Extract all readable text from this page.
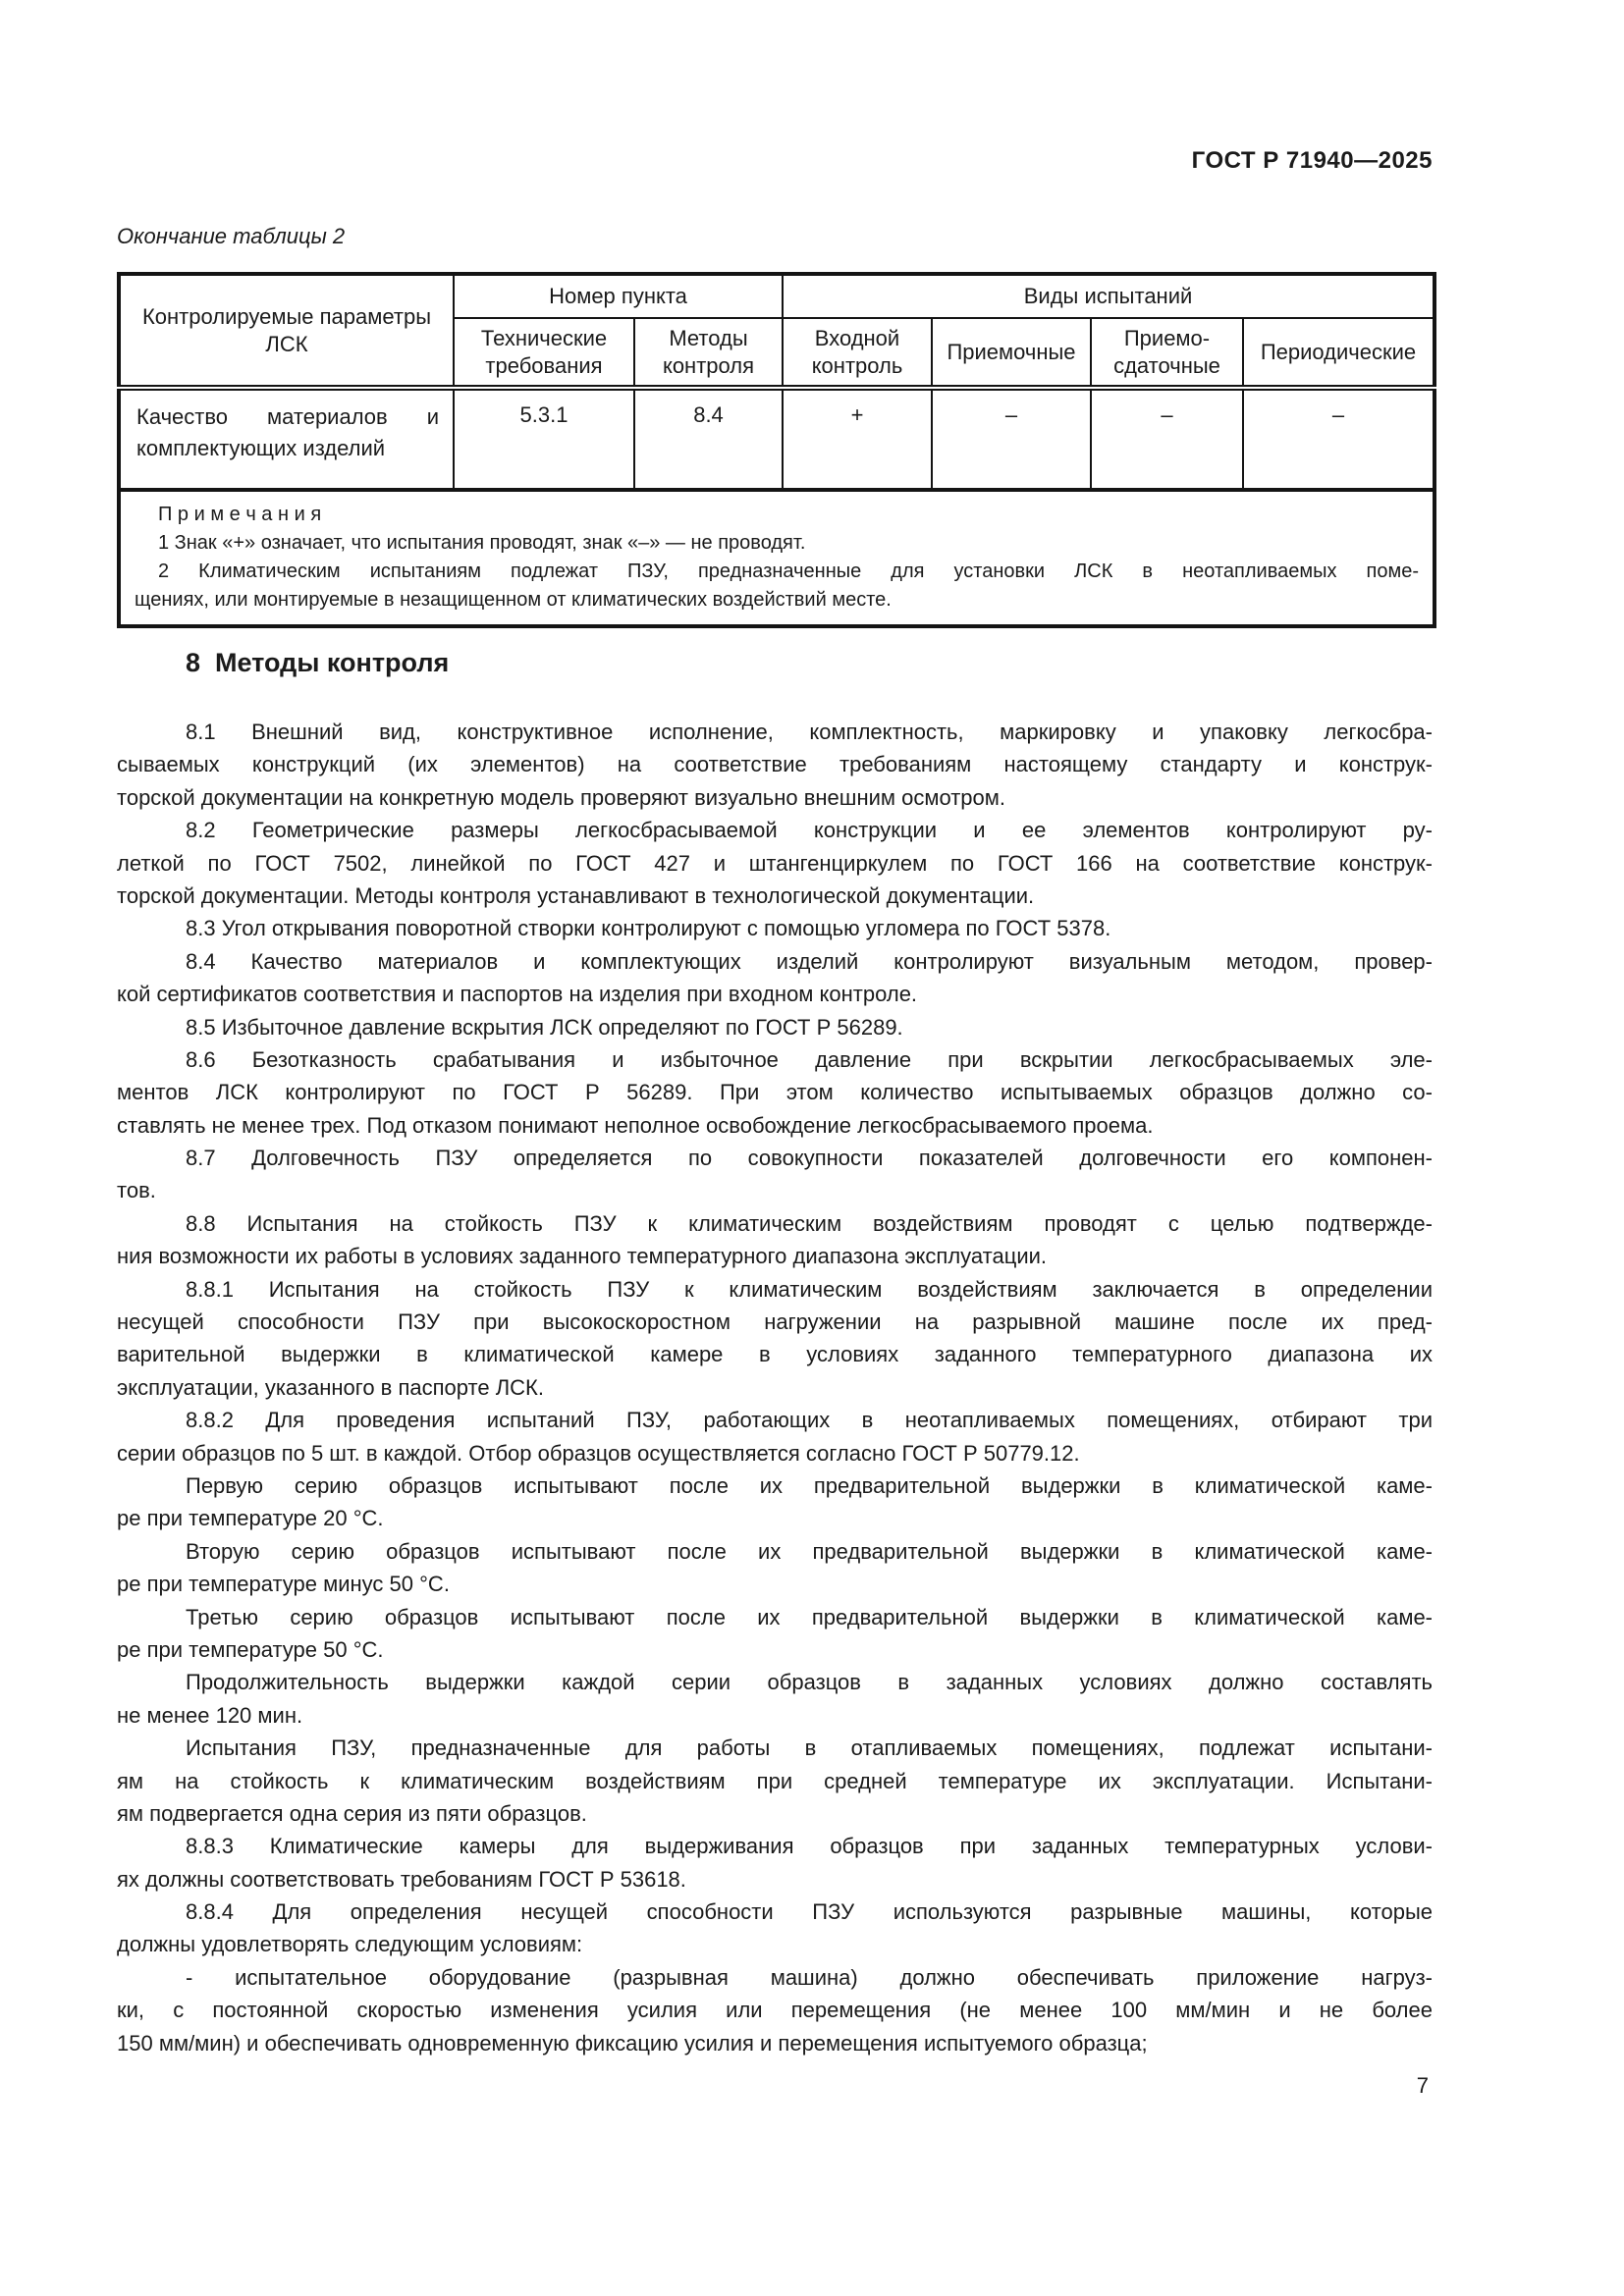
ГОСТ Р 71940—2025
Окончание таблицы 2
Контролируемые параметры ЛСК	Номер пункта		Виды испытаний			
	Технические требования	Методы контроля	Входной контроль	Приемочные	Приемо-сдаточные	Периодические
Качество материалов и комплектующих изделий	5.3.1	8.4	+	–	–	–

П р и м е ч а н и я
1 Знак «+» означает, что испытания проводят, знак «–» — не проводят.
2 Климатическим испытаниям подлежат ПЗУ, предназначенные для установки ЛСК в неотапливаемых поме-
щениях, или монтируемые в незащищенном от климатических воздействий месте.						
8  Методы контроля
8.1 Внешний вид, конструктивное исполнение, комплектность, маркировку и упаковку легкосбра-
сываемых конструкций (их элементов) на соответствие требованиям настоящему стандарту и конструк-
торской документации на конкретную модель проверяют визуально внешним осмотром.
8.2 Геометрические размеры легкосбрасываемой конструкции и ее элементов контролируют ру-
леткой по ГОСТ 7502, линейкой по ГОСТ 427 и штангенциркулем по ГОСТ 166 на соответствие конструк-
торской документации. Методы контроля устанавливают в технологической документации.
8.3 Угол открывания поворотной створки контролируют с помощью угломера по ГОСТ 5378.
8.4 Качество материалов и комплектующих изделий контролируют визуальным методом, провер-
кой сертификатов соответствия и паспортов на изделия при входном контроле.
8.5 Избыточное давление вскрытия ЛСК определяют по ГОСТ Р 56289.
8.6 Безотказность срабатывания и избыточное давление при вскрытии легкосбрасываемых эле-
ментов ЛСК контролируют по ГОСТ Р 56289. При этом количество испытываемых образцов должно со-
ставлять не менее трех. Под отказом понимают неполное освобождение легкосбрасываемого проема.
8.7 Долговечность ПЗУ определяется по совокупности показателей долговечности его компонен-
тов.
8.8 Испытания на стойкость ПЗУ к климатическим воздействиям проводят с целью подтвержде-
ния возможности их работы в условиях заданного температурного диапазона эксплуатации.
8.8.1 Испытания на стойкость ПЗУ к климатическим воздействиям заключается в определении
несущей способности ПЗУ при высокоскоростном нагружении на разрывной машине после их пред-
варительной выдержки в климатической камере в условиях заданного температурного диапазона их
эксплуатации, указанного в паспорте ЛСК.
8.8.2 Для проведения испытаний ПЗУ, работающих в неотапливаемых помещениях, отбирают три
серии образцов по 5 шт. в каждой. Отбор образцов осуществляется согласно ГОСТ Р 50779.12.
Первую серию образцов испытывают после их предварительной выдержки в климатической каме-
ре при температуре 20 °С.
Вторую серию образцов испытывают после их предварительной выдержки в климатической каме-
ре при температуре минус 50 °С.
Третью серию образцов испытывают после их предварительной выдержки в климатической каме-
ре при температуре 50 °С.
Продолжительность выдержки каждой серии образцов в заданных условиях должно составлять
не менее 120 мин.
Испытания ПЗУ, предназначенные для работы в отапливаемых помещениях, подлежат испытани-
ям на стойкость к климатическим воздействиям при средней температуре их эксплуатации. Испытани-
ям подвергается одна серия из пяти образцов.
8.8.3 Климатические камеры для выдерживания образцов при заданных температурных услови-
ях должны соответствовать требованиям ГОСТ Р 53618.
8.8.4 Для определения несущей способности ПЗУ используются разрывные машины, которые
должны удовлетворять следующим условиям:
- испытательное оборудование (разрывная машина) должно обеспечивать приложение нагруз-
ки, с постоянной скоростью изменения усилия или перемещения (не менее 100 мм/мин и не более
150 мм/мин) и обеспечивать одновременную фиксацию усилия и перемещения испытуемого образца;
7
